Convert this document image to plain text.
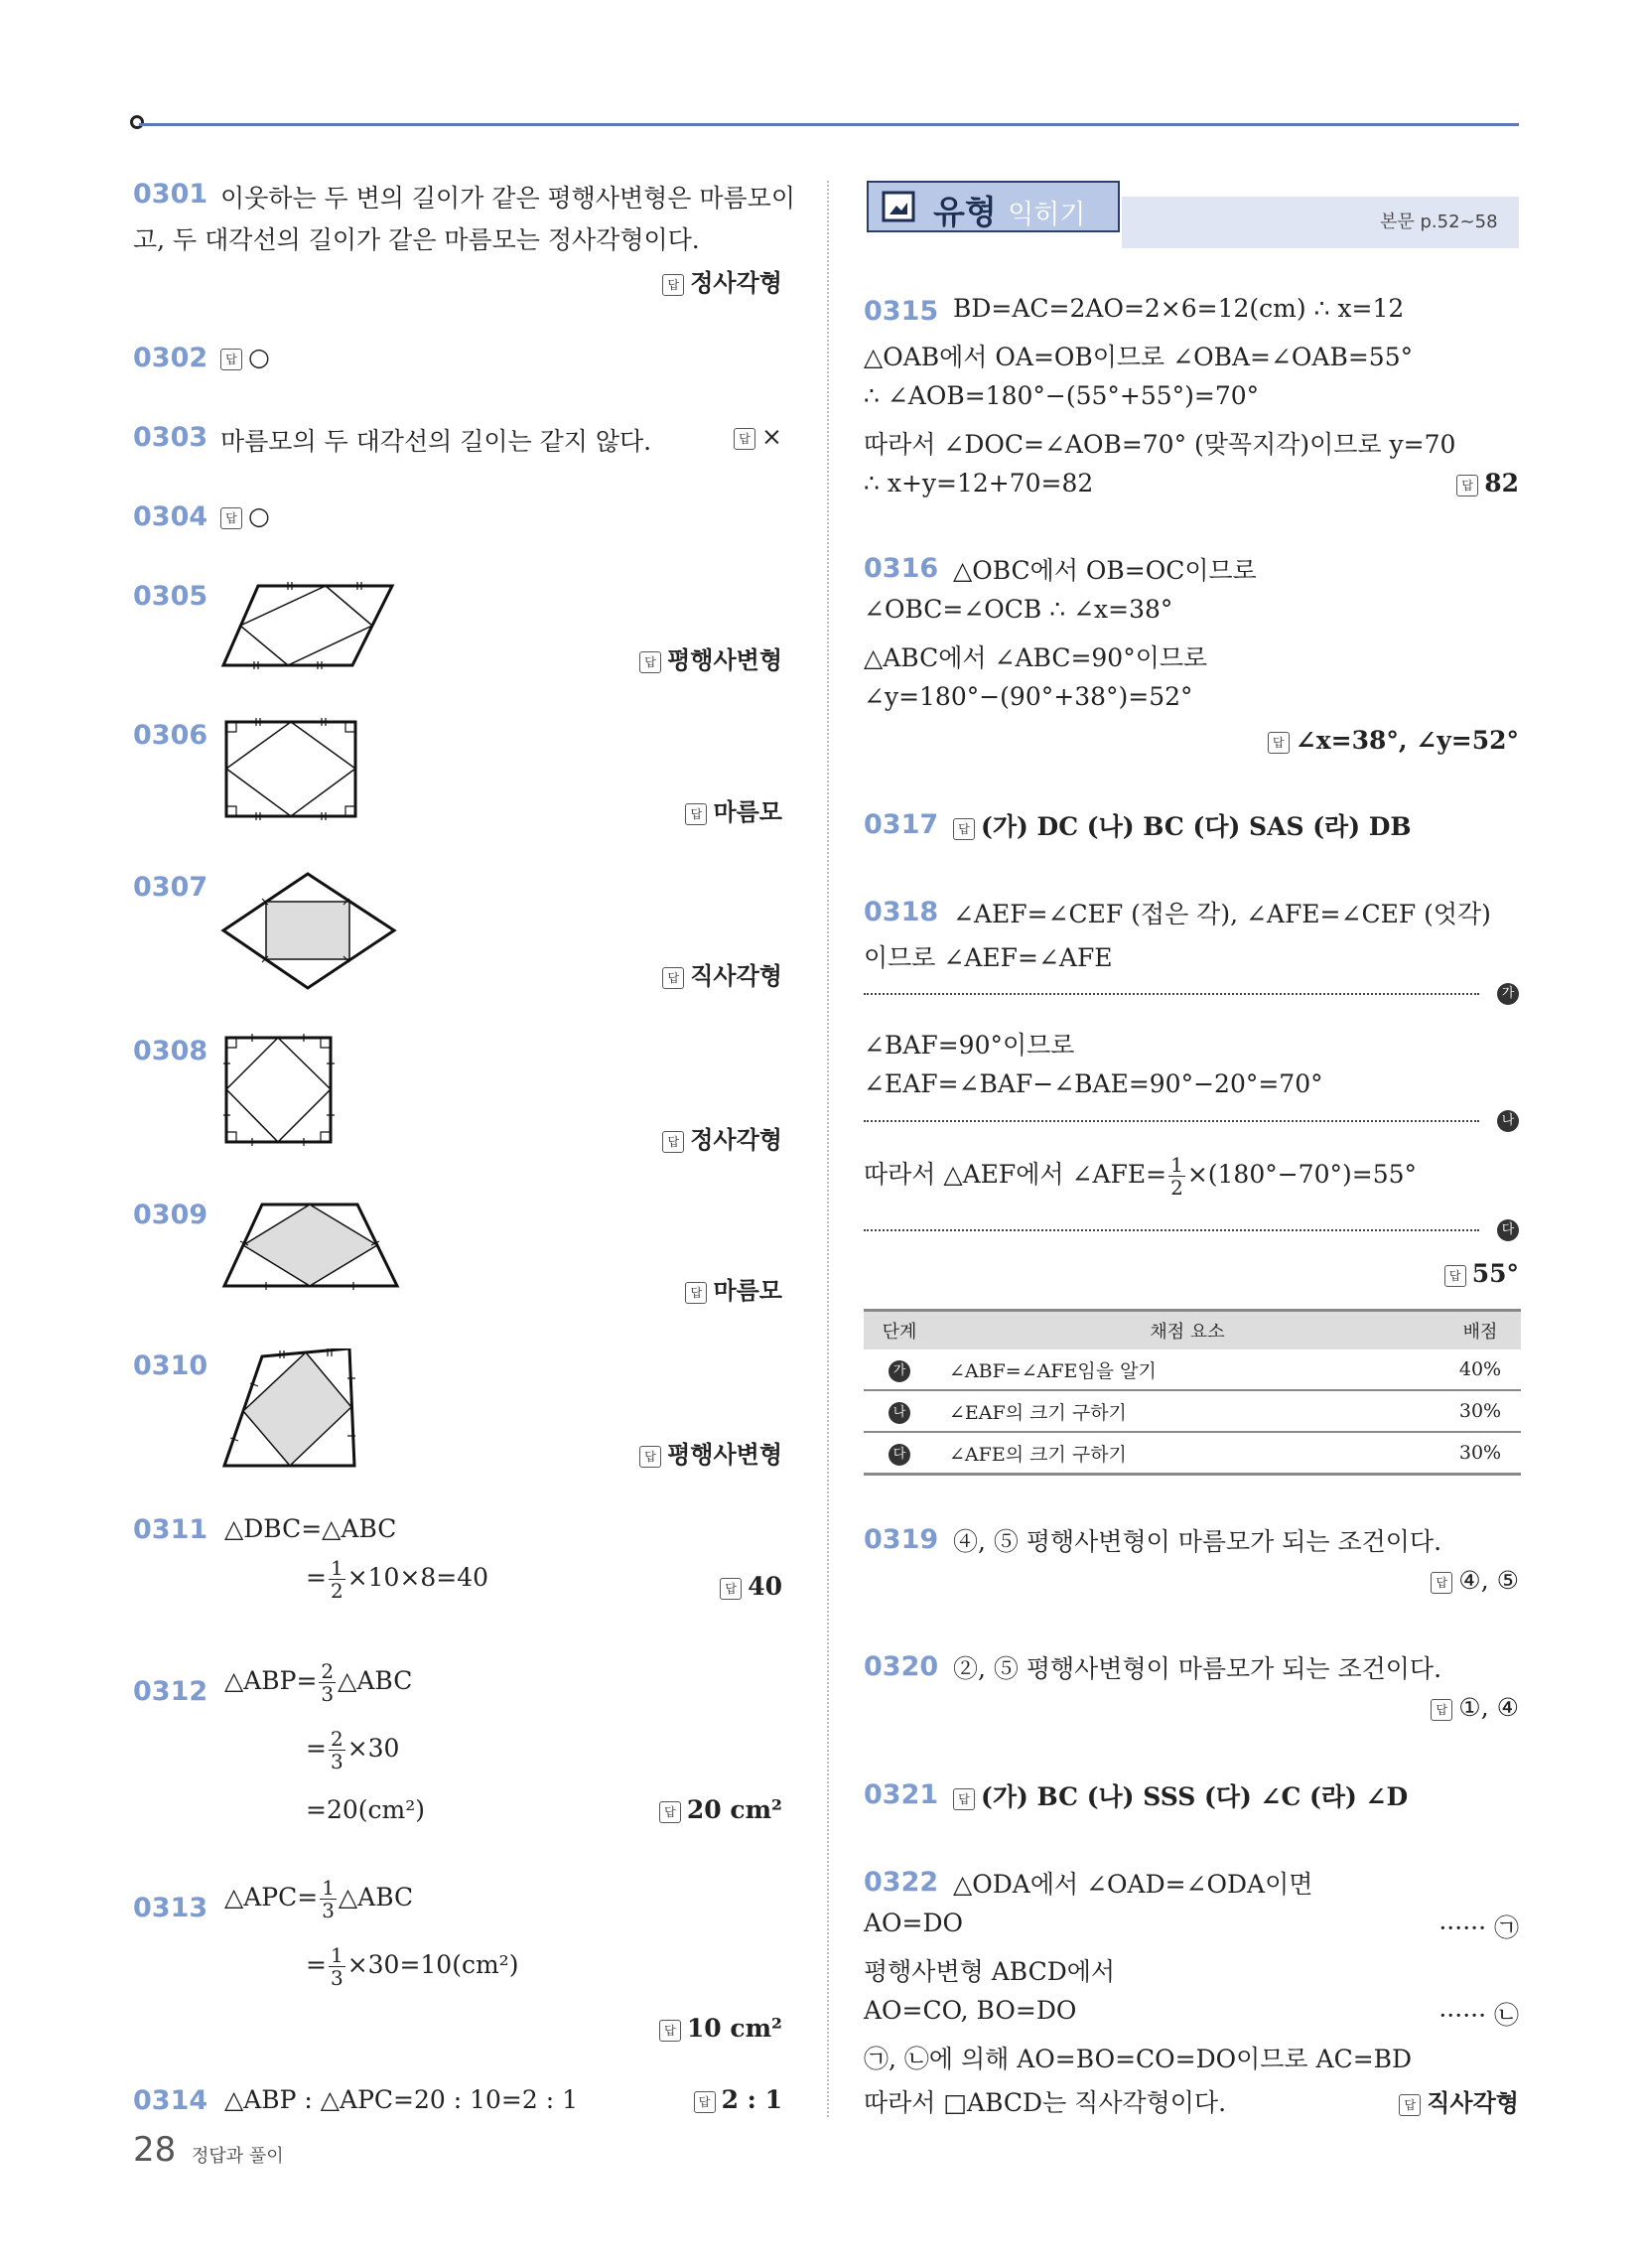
0301 이웃하는 두 변의 길이가 같은 평행사변형은 마름모이
고, 두 대각선의 길이가 같은 마름모는 정사각형이다.
답 정사각형
0302	답 ○
0303 마름모의 두 대각선의 길이는 같지 않다.	답 ×
0304	답 ○
0305
답 평행사변형
0306
답 마름모
0307
답 직사각형
0308
답 정사각형
0309
답 마름모
0310
답 평행사변형
0311 △DBC=△ABC
= $\frac{1}{2} \times 10\times 8=40$	답 40
0312 △ABP= $\frac{2}{3}$ △ABC
= $\frac{2}{3} \times 30$
=20(cm²)	답 20 cm²
0313 △APC= $\frac{1}{3}$ △ABC
= $\frac{1}{3} \times 30=10(cm^2)$
답 10 cm²
0314 △ABP : △APC=20 : 10=2 : 1	답 2 : 1
유형 익히기	본문 p.52~58
0315 BD=AC=2AO=2×6=12(cm) ∴ x=12
△OAB에서 OA=OB이므로 ∠OBA=∠OAB=55°
∴ ∠AOB=180°−(55°+55°)=70°
따라서 ∠DOC=∠AOB=70° (맞꼭지각)이므로 y=70
∴ x+y=12+70=82	답 82
0316 △OBC에서 OB=OC이므로
∠OBC=∠OCB ∴ ∠x=38°
△ABC에서 ∠ABC=90°이므로
∠y=180°−(90°+38°)=52°
답 ∠x=38°, ∠y=52°
0317	답 (가) DC (나) BC (다) SAS (라) DB
0318 ∠AEF=∠CEF (접은 각), ∠AFE=∠CEF (엇각)
이므로 ∠AEF=∠AFE
가
∠BAF=90°이므로
∠EAF=∠BAF−∠BAE=90°−20°=70°
나
따라서 △AEF에서 ∠AFE= $\frac{1}{2} \times(180^\circ-70^\circ)=55^\circ$
다
답 55°
단계	채점 요소	배점
가	∠ABF=∠AFE임을 알기	40%
나	∠EAF의 크기 구하기	30%
다	∠AFE의 크기 구하기	30%
0319 ④, ⑤ 평행사변형이 마름모가 되는 조건이다.
답 ④, ⑤
0320 ②, ⑤ 평행사변형이 마름모가 되는 조건이다.
답 ①, ④
0321	답 (가) BC (나) SSS (다) ∠C (라) ∠D
0322 △ODA에서 ∠OAD=∠ODA이면
AO=DO	······ ㉠
평행사변형 ABCD에서
AO=CO, BO=DO	······ ㉡
㉠, ㉡에 의해 AO=BO=CO=DO이므로 AC=BD
따라서 □ABCD는 직사각형이다.	답 직사각형
28 정답과 풀이
